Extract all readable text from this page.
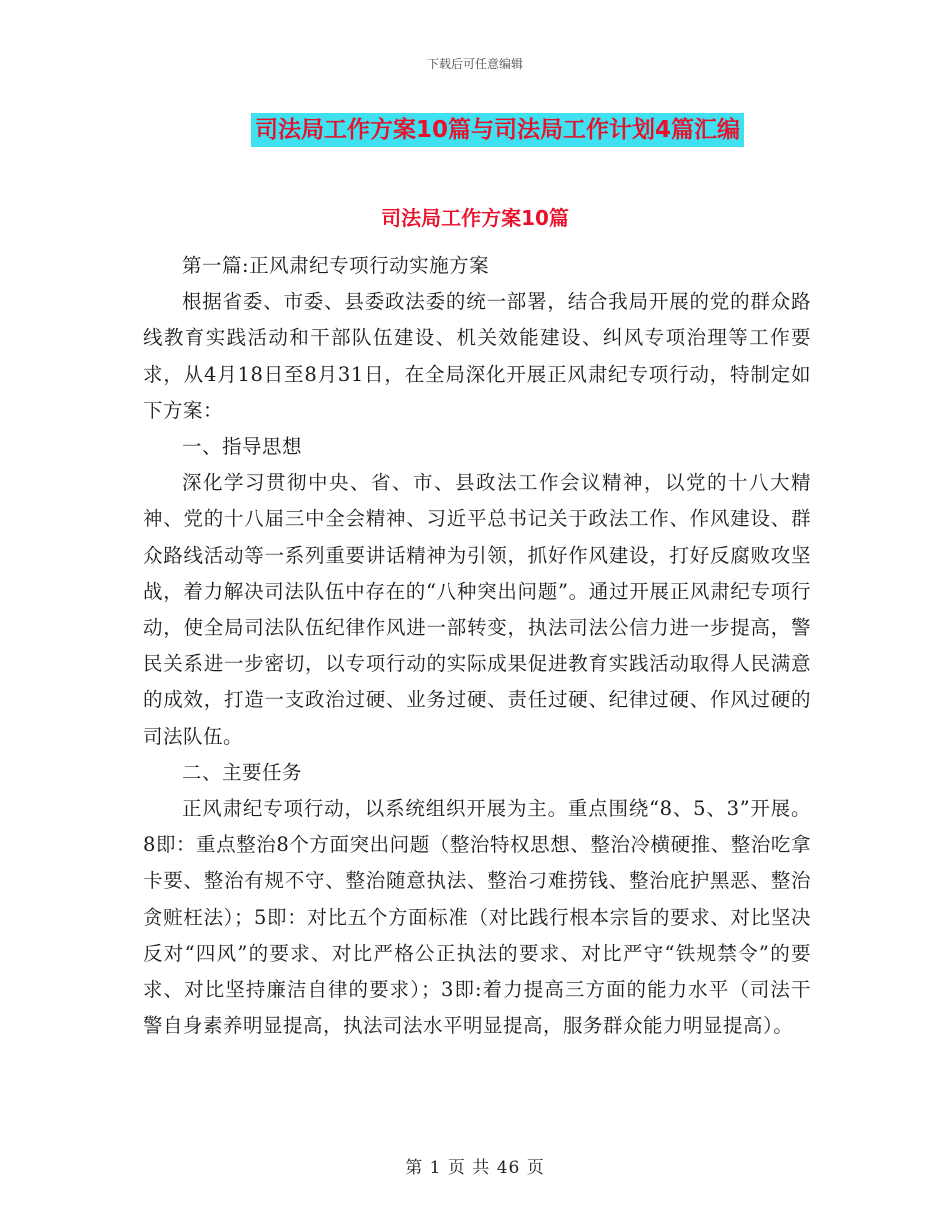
下载后可任意编辑
司法局工作方案10篇与司法局工作计划4篇汇编
司法局工作方案10篇

第一篇:正风肃纪专项行动实施方案

根据省委、市委、县委政法委的统一部署，结合我局开展的党的群众路线教育实践活动和干部队伍建设、机关效能建设、纠风专项治理等工作要求，从4月18日至8月31日，在全局深化开展正风肃纪专项行动，特制定如下方案：

一、指导思想

深化学习贯彻中央、省、市、县政法工作会议精神，以党的十八大精神、党的十八届三中全会精神、习近平总书记关于政法工作、作风建设、群众路线活动等一系列重要讲话精神为引领，抓好作风建设，打好反腐败攻坚战，着力解决司法队伍中存在的“八种突出问题”。通过开展正风肃纪专项行动，使全局司法队伍纪律作风进一部转变，执法司法公信力进一步提高，警民关系进一步密切，以专项行动的实际成果促进教育实践活动取得人民满意的成效，打造一支政治过硬、业务过硬、责任过硬、纪律过硬、作风过硬的司法队伍。

二、主要任务

正风肃纪专项行动，以系统组织开展为主。重点围绕“8、5、3”开展。8即：重点整治8个方面突出问题（整治特权思想、整治冷横硬推、整治吃拿卡要、整治有规不守、整治随意执法、整治刁难捞钱、整治庇护黑恶、整治贪赃枉法）；5即：对比五个方面标准（对比践行根本宗旨的要求、对比坚决反对“四风”的要求、对比严格公正执法的要求、对比严守“铁规禁令”的要求、对比坚持廉洁自律的要求）；3即:着力提高三方面的能力水平（司法干警自身素养明显提高，执法司法水平明显提高，服务群众能力明显提高）。

第 1 页 共 46 页
